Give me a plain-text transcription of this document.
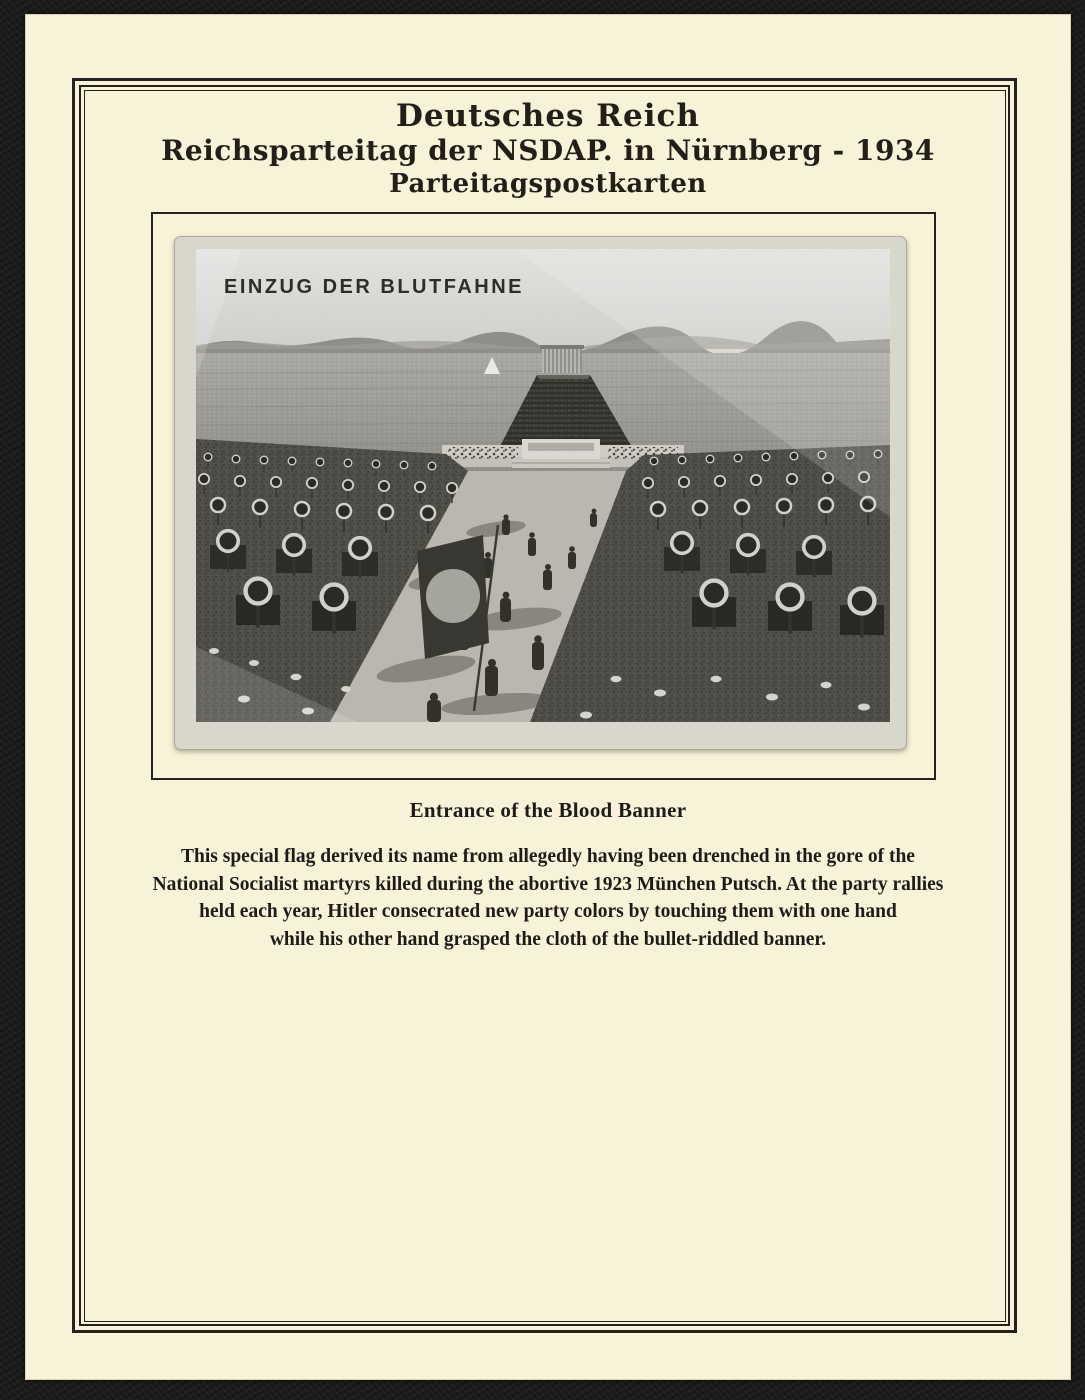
Deutsches Reich
Reichsparteitag der NSDAP. in Nürnberg - 1934
Parteitagspostkarten
EINZUG DER BLUTFAHNE
Entrance of the Blood Banner
This special flag derived its name from allegedly having been drenched in the gore of the
National Socialist martyrs killed during the abortive 1923 München Putsch. At the party rallies
held each year, Hitler consecrated new party colors by touching them with one hand
while his other hand grasped the cloth of the bullet-riddled banner.
